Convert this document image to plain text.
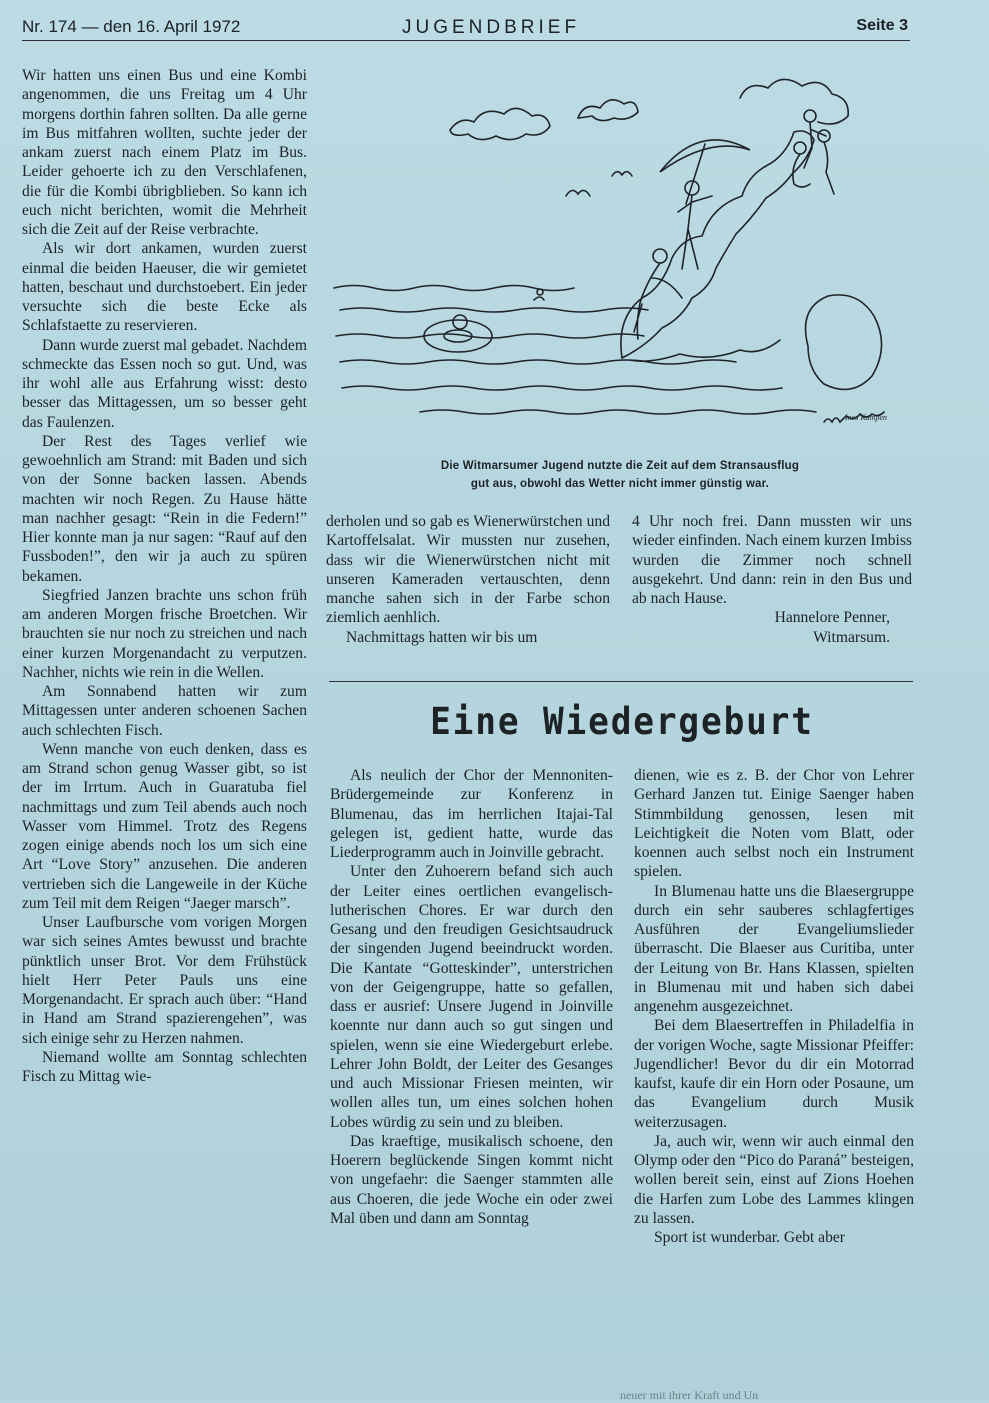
Nr. 174 — den 16. April 1972	JUGENDBRIEF	Seite 3

Wir hatten uns einen Bus und eine Kombi angenommen, die uns Freitag um 4 Uhr morgens dorthin fahren sollten. Da alle gerne im Bus mitfahren wollten, suchte jeder der ankam zuerst nach einem Platz im Bus. Leider gehoerte ich zu den Verschlafenen, die für die Kombi übrigblieben. So kann ich euch nicht berichten, womit die Mehrheit sich die Zeit auf der Reise verbrachte.

Als wir dort ankamen, wurden zuerst einmal die beiden Haeuser, die wir gemietet hatten, beschaut und durchstoebert. Ein jeder versuchte sich die beste Ecke als Schlafstaette zu reservieren.

Dann wurde zuerst mal gebadet. Nachdem schmeckte das Essen noch so gut. Und, was ihr wohl alle aus Erfahrung wisst: desto besser das Mittagessen, um so besser geht das Faulenzen.

Der Rest des Tages verlief wie gewoehnlich am Strand: mit Baden und sich von der Sonne backen lassen. Abends machten wir noch Regen. Zu Hause hätte man nachher gesagt: “Rein in die Federn!” Hier konnte man ja nur sagen: “Rauf auf den Fussboden!”, den wir ja auch zu spüren bekamen.

Siegfried Janzen brachte uns schon früh am anderen Morgen frische Broetchen. Wir brauchten sie nur noch zu streichen und nach einer kurzen Morgenandacht zu verputzen. Nachher, nichts wie rein in die Wellen.

Am Sonnabend hatten wir zum Mittagessen unter anderen schoenen Sachen auch schlechten Fisch.

Wenn manche von euch denken, dass es am Strand schon genug Wasser gibt, so ist der im Irrtum. Auch in Guaratuba fiel nachmittags und zum Teil abends auch noch Wasser vom Himmel. Trotz des Regens zogen einige abends noch los um sich eine Art “Love Story” anzusehen. Die anderen vertrieben sich die Langeweile in der Küche zum Teil mit dem Reigen “Jaeger marsch”.

Unser Laufbursche vom vorigen Morgen war sich seines Amtes bewusst und brachte pünktlich unser Brot. Vor dem Frühstück hielt Herr Peter Pauls uns eine Morgenandacht. Er sprach auch über: “Hand in Hand am Strand spazierengehen”, was sich einige sehr zu Herzen nahmen.

Niemand wollte am Sonntag schlechten Fisch zu Mittag wie-

Ines Kampen
Die Witmarsumer Jugend nutzte die Zeit auf dem Stransausflug
gut aus, obwohl das Wetter nicht immer günstig war.

derholen und so gab es Wienerwürstchen und Kartoffelsalat. Wir mussten nur zusehen, dass wir die Wienerwürstchen nicht mit unseren Kameraden vertauschten, denn manche sahen sich in der Farbe schon ziemlich aenhlich.

Nachmittags hatten wir bis um

4 Uhr noch frei. Dann mussten wir uns wieder einfinden. Nach einem kurzen Imbiss wurden die Zimmer noch schnell ausgekehrt. Und dann: rein in den Bus und ab nach Hause.

Hannelore Penner,

Witmarsum.

Eine Wiedergeburt

Als neulich der Chor der Mennoniten-Brüdergemeinde zur Konferenz in Blumenau, das im herrlichen Itajai-Tal gelegen ist, gedient hatte, wurde das Liederprogramm auch in Joinville gebracht.

Unter den Zuhoerern befand sich auch der Leiter eines oertlichen evangelisch-lutherischen Chores. Er war durch den Gesang und den freudigen Gesichtsaudruck der singenden Jugend beeindruckt worden. Die Kantate “Gotteskinder”, unterstrichen von der Geigengruppe, hatte so gefallen, dass er ausrief: Unsere Jugend in Joinville koennte nur dann auch so gut singen und spielen, wenn sie eine Wiedergeburt erlebe. Lehrer John Boldt, der Leiter des Gesanges und auch Missionar Friesen meinten, wir wollen alles tun, um eines solchen hohen Lobes würdig zu sein und zu bleiben.

Das kraeftige, musikalisch schoene, den Hoerern beglückende Singen kommt nicht von ungefaehr: die Saenger stammten alle aus Choeren, die jede Woche ein oder zwei Mal üben und dann am Sonntag

dienen, wie es z. B. der Chor von Lehrer Gerhard Janzen tut. Einige Saenger haben Stimmbildung genossen, lesen mit Leichtigkeit die Noten vom Blatt, oder koennen auch selbst noch ein Instrument spielen.

In Blumenau hatte uns die Blaesergruppe durch ein sehr sauberes schlagfertiges Ausführen der Evangeliumslieder überrascht. Die Blaeser aus Curitiba, unter der Leitung von Br. Hans Klassen, spielten in Blumenau mit und haben sich dabei angenehm ausgezeichnet.

Bei dem Blaesertreffen in Philadelfia in der vorigen Woche, sagte Missionar Pfeiffer: Jugendlicher! Bevor du dir ein Motorrad kaufst, kaufe dir ein Horn oder Posaune, um das Evangelium durch Musik weiterzusagen.

Ja, auch wir, wenn wir auch einmal den Olymp oder den “Pico do Paraná” besteigen, wollen bereit sein, einst auf Zions Hoehen die Harfen zum Lobe des Lammes klingen zu lassen.

Sport ist wunderbar. Gebt aber

neuer mit ihrer Kraft und Un
